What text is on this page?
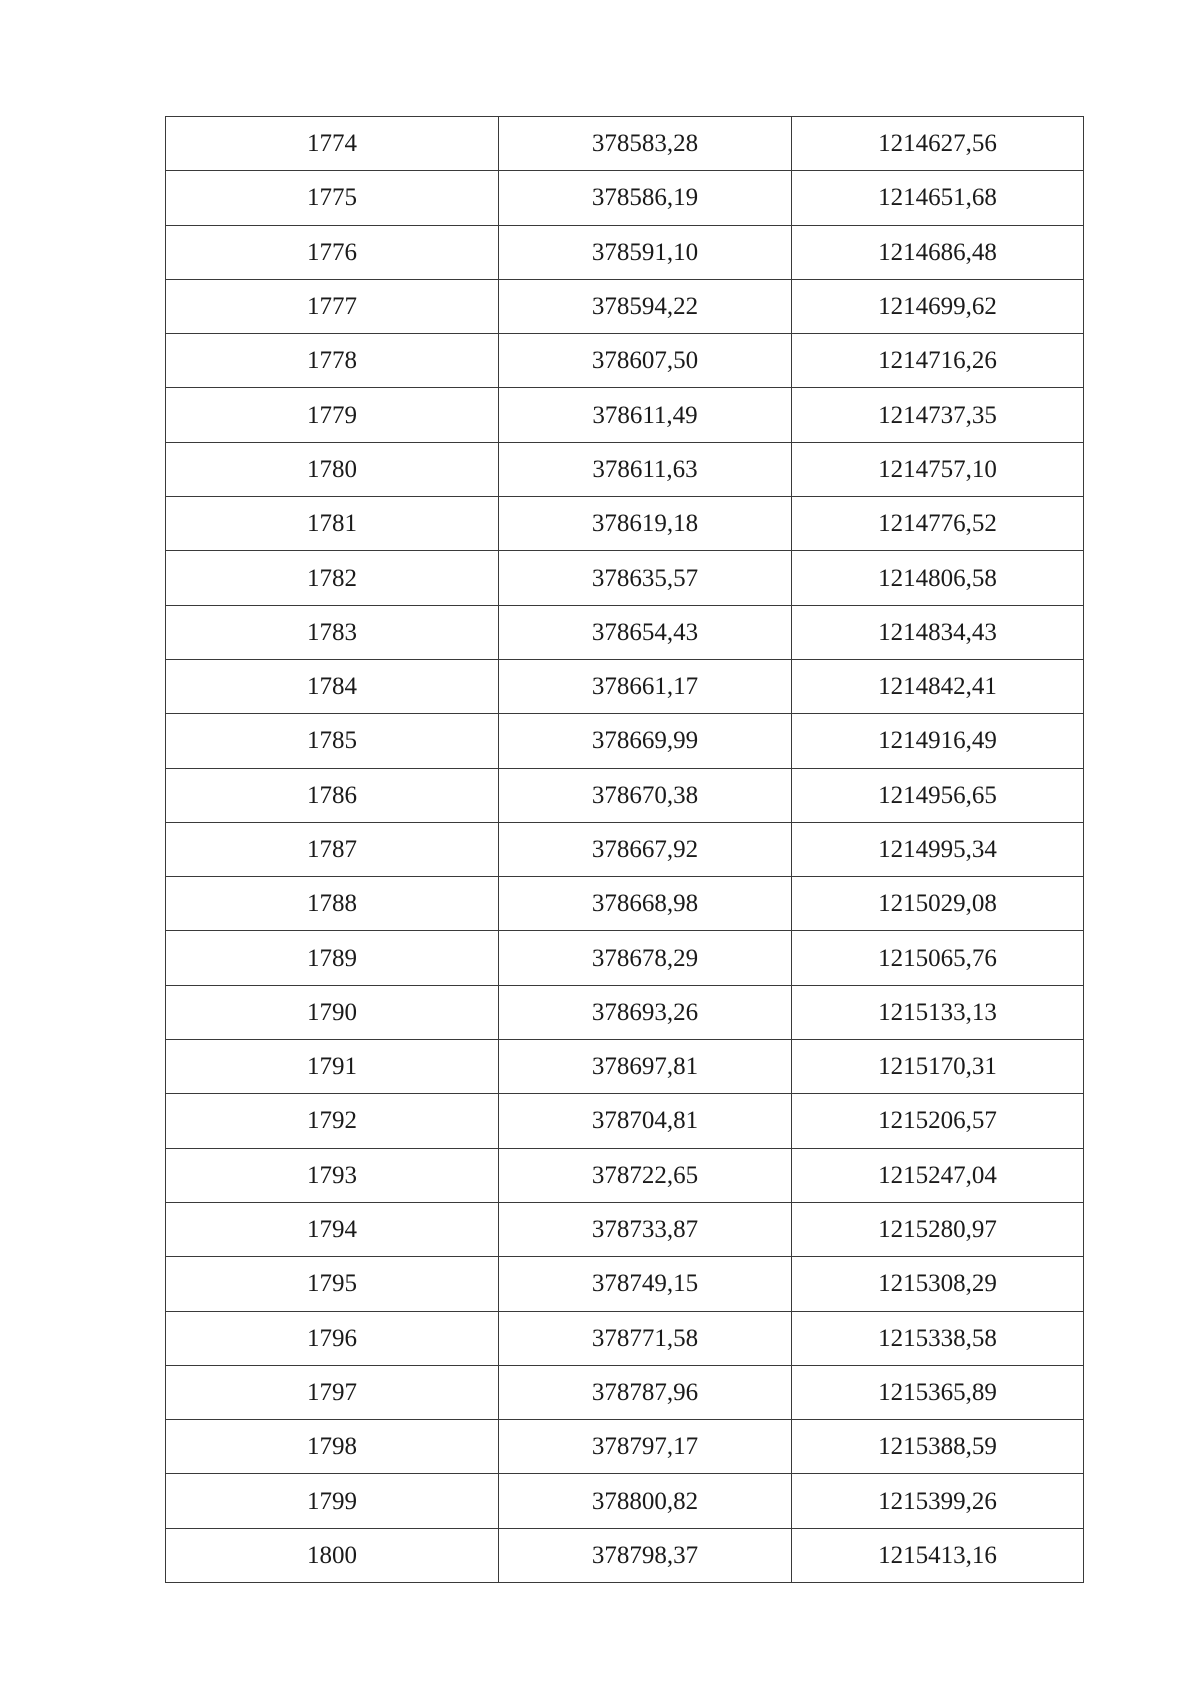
1774	378583,28	1214627,56
1775	378586,19	1214651,68
1776	378591,10	1214686,48
1777	378594,22	1214699,62
1778	378607,50	1214716,26
1779	378611,49	1214737,35
1780	378611,63	1214757,10
1781	378619,18	1214776,52
1782	378635,57	1214806,58
1783	378654,43	1214834,43
1784	378661,17	1214842,41
1785	378669,99	1214916,49
1786	378670,38	1214956,65
1787	378667,92	1214995,34
1788	378668,98	1215029,08
1789	378678,29	1215065,76
1790	378693,26	1215133,13
1791	378697,81	1215170,31
1792	378704,81	1215206,57
1793	378722,65	1215247,04
1794	378733,87	1215280,97
1795	378749,15	1215308,29
1796	378771,58	1215338,58
1797	378787,96	1215365,89
1798	378797,17	1215388,59
1799	378800,82	1215399,26
1800	378798,37	1215413,16
